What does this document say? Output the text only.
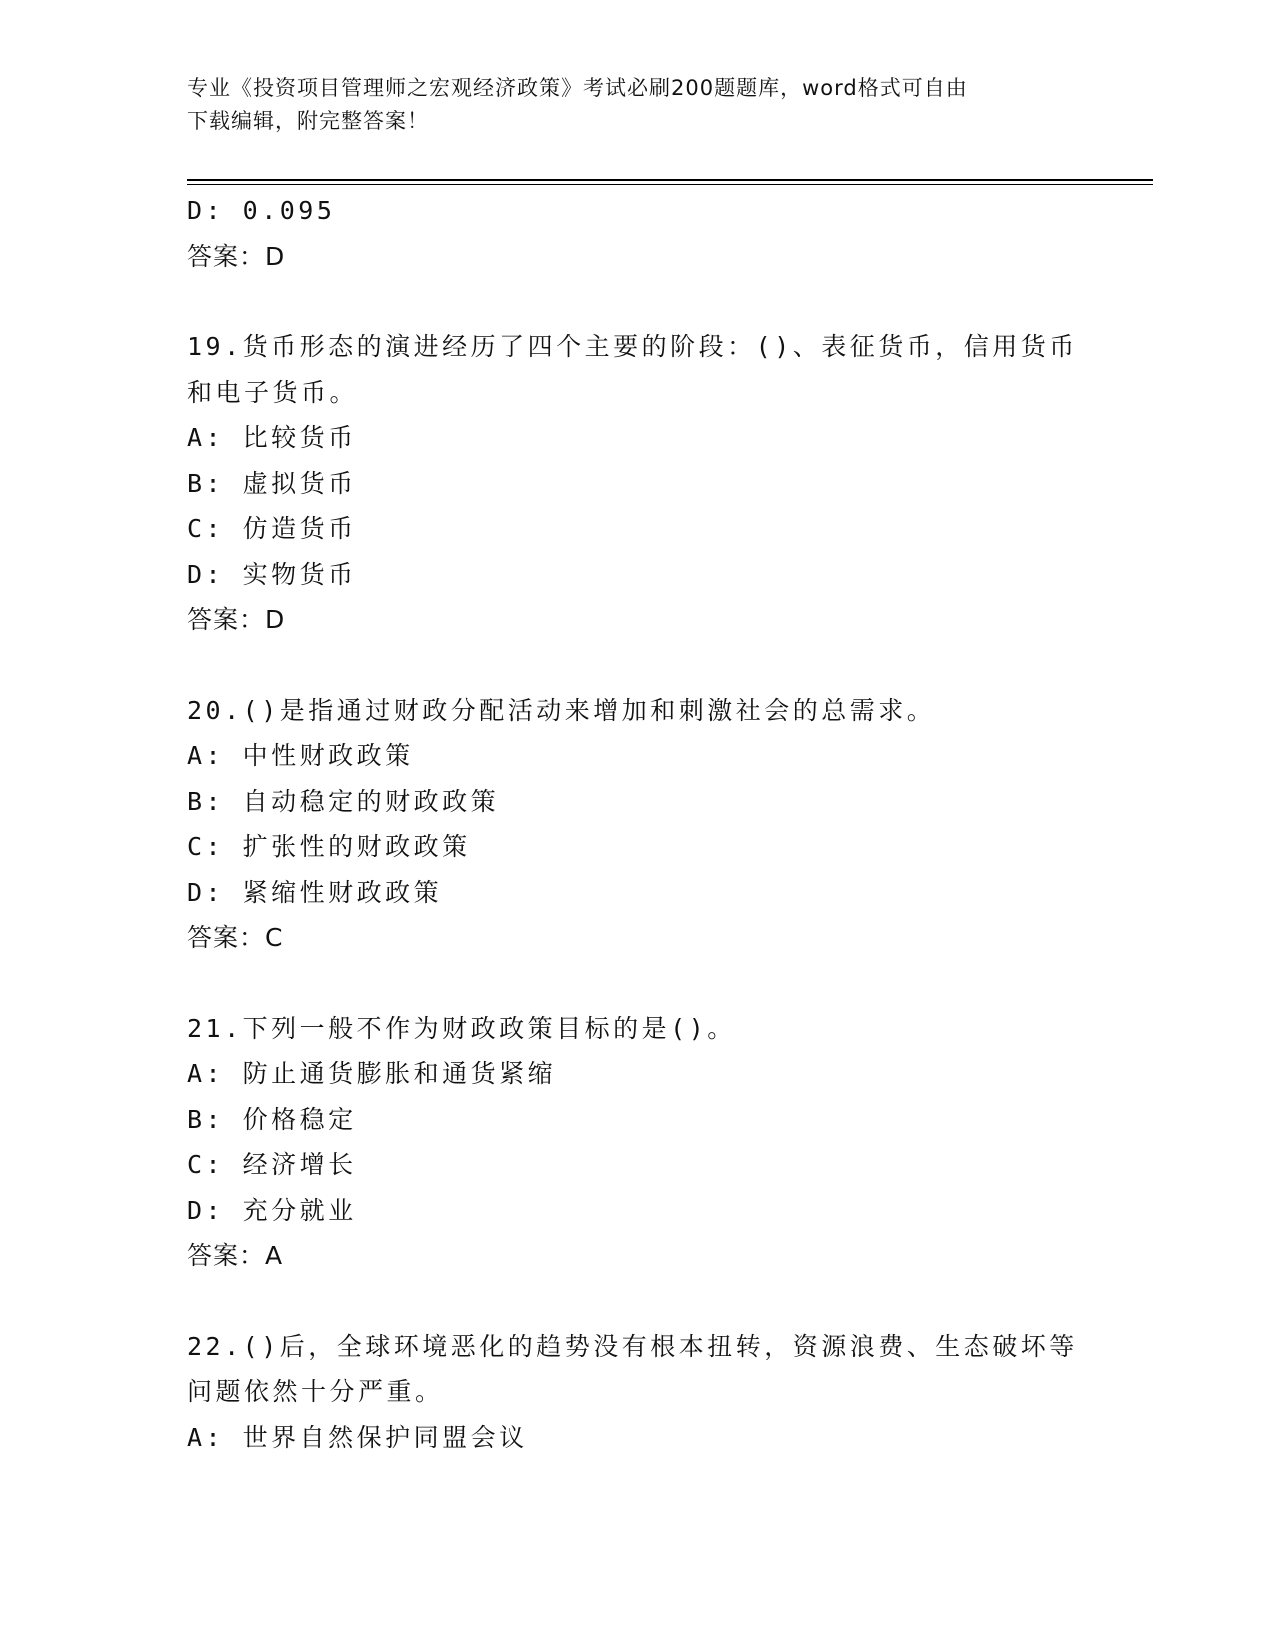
专业《投资项目管理师之宏观经济政策》考试必刷200题题库，word格式可自由
下载编辑，附完整答案！
D: 0.095
答案：D
19.货币形态的演进经历了四个主要的阶段：()、表征货币，信用货币
和电子货币。
A: 比较货币
B: 虚拟货币
C: 仿造货币
D: 实物货币
答案：D
20.()是指通过财政分配活动来增加和刺激社会的总需求。
A: 中性财政政策
B: 自动稳定的财政政策
C: 扩张性的财政政策
D: 紧缩性财政政策
答案：C
21.下列一般不作为财政政策目标的是()。
A: 防止通货膨胀和通货紧缩
B: 价格稳定
C: 经济增长
D: 充分就业
答案：A
22.()后，全球环境恶化的趋势没有根本扭转，资源浪费、生态破坏等
问题依然十分严重。
A: 世界自然保护同盟会议
